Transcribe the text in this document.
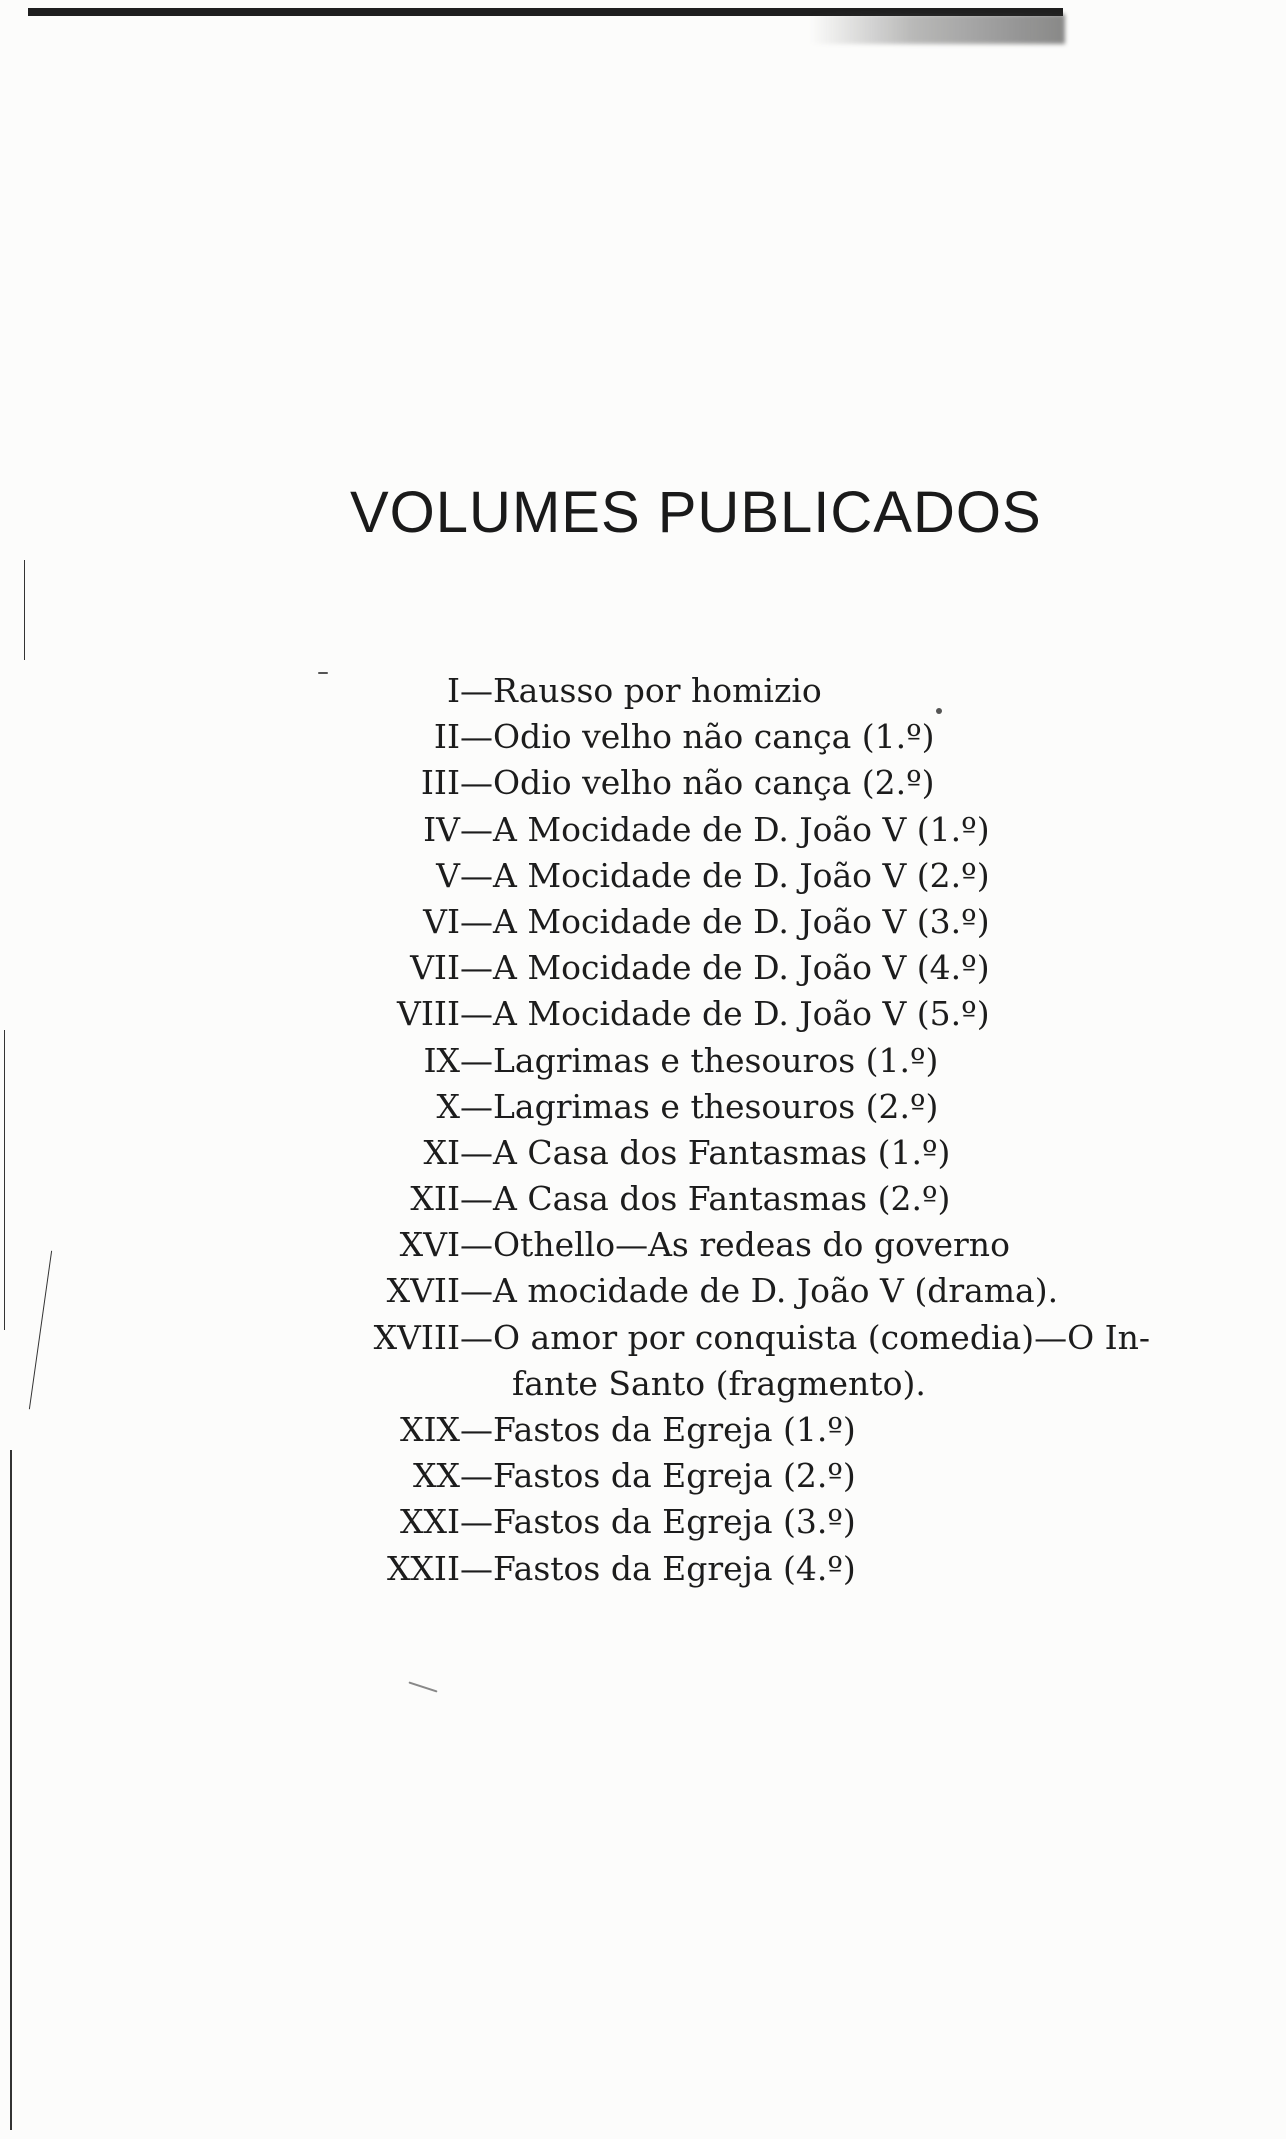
VOLUMES PUBLICADOS
I — Rausso por homizio
II — Odio velho não cança (1.º)
III — Odio velho não cança (2.º)
IV — A Mocidade de D. João V (1.º)
V — A Mocidade de D. João V (2.º)
VI — A Mocidade de D. João V (3.º)
VII — A Mocidade de D. João V (4.º)
VIII — A Mocidade de D. João V (5.º)
IX — Lagrimas e thesouros (1.º)
X — Lagrimas e thesouros (2.º)
XI — A Casa dos Fantasmas (1.º)
XII — A Casa dos Fantasmas (2.º)
XVI — Othello—As redeas do governo
XVII — A mocidade de D. João V (drama).
XVIII — O amor por conquista (comedia)—O In-
fante Santo (fragmento).
XIX — Fastos da Egreja (1.º)
XX — Fastos da Egreja (2.º)
XXI — Fastos da Egreja (3.º)
XXII — Fastos da Egreja (4.º)
